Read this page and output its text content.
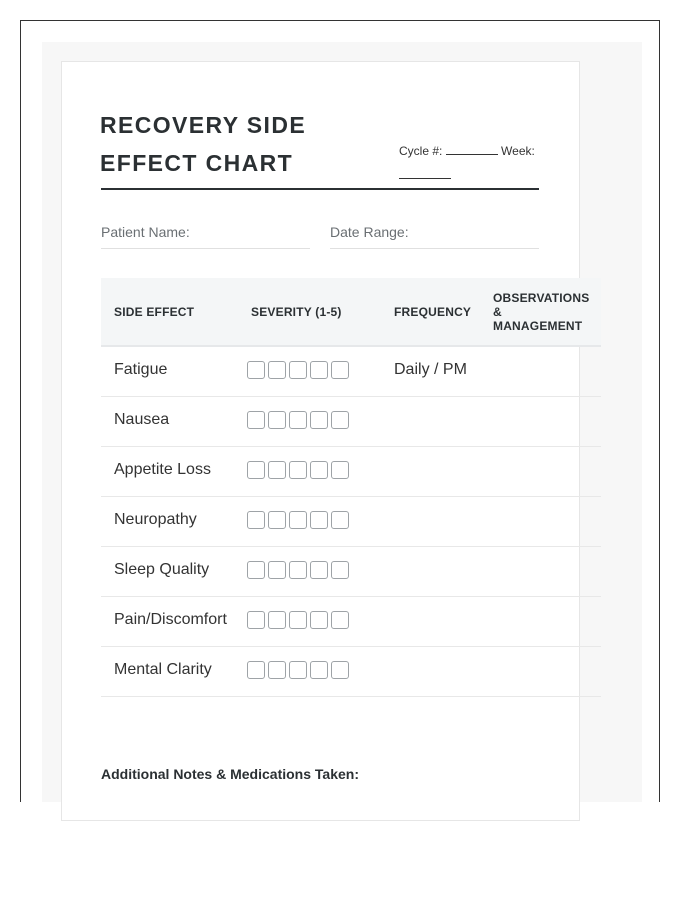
RECOVERY SIDE EFFECT CHART	Cycle #:	Week:

Patient Name:	Date Range:
SIDE EFFECT	SEVERITY (1-5)	FREQUENCY	OBSERVATIONS & MANAGEMENT
Fatigue		Daily / PM	
Nausea			
Appetite Loss			
Neuropathy			
Sleep Quality			
Pain/Discomfort			
Mental Clarity			
Additional Notes & Medications Taken:
